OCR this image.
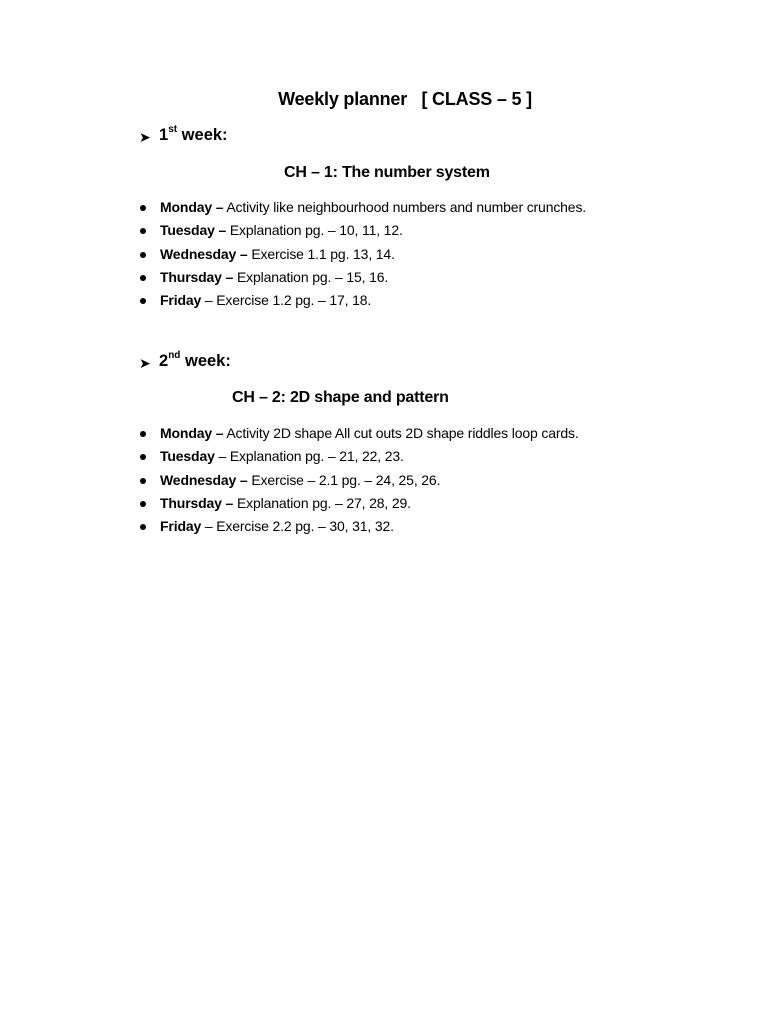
Weekly planner   [ CLASS – 5 ]
➤ 1st week:
CH – 1: The number system
Monday – Activity like neighbourhood numbers and number crunches.
Tuesday – Explanation pg. – 10, 11, 12.
Wednesday – Exercise 1.1 pg. 13, 14.
Thursday – Explanation pg. – 15, 16.
Friday – Exercise 1.2 pg. – 17, 18.
➤ 2nd week:
CH – 2: 2D shape and pattern
Monday – Activity 2D shape All cut outs 2D shape riddles loop cards.
Tuesday – Explanation pg. – 21, 22, 23.
Wednesday – Exercise – 2.1 pg. – 24, 25, 26.
Thursday – Explanation pg. – 27, 28, 29.
Friday – Exercise 2.2 pg. – 30, 31, 32.
